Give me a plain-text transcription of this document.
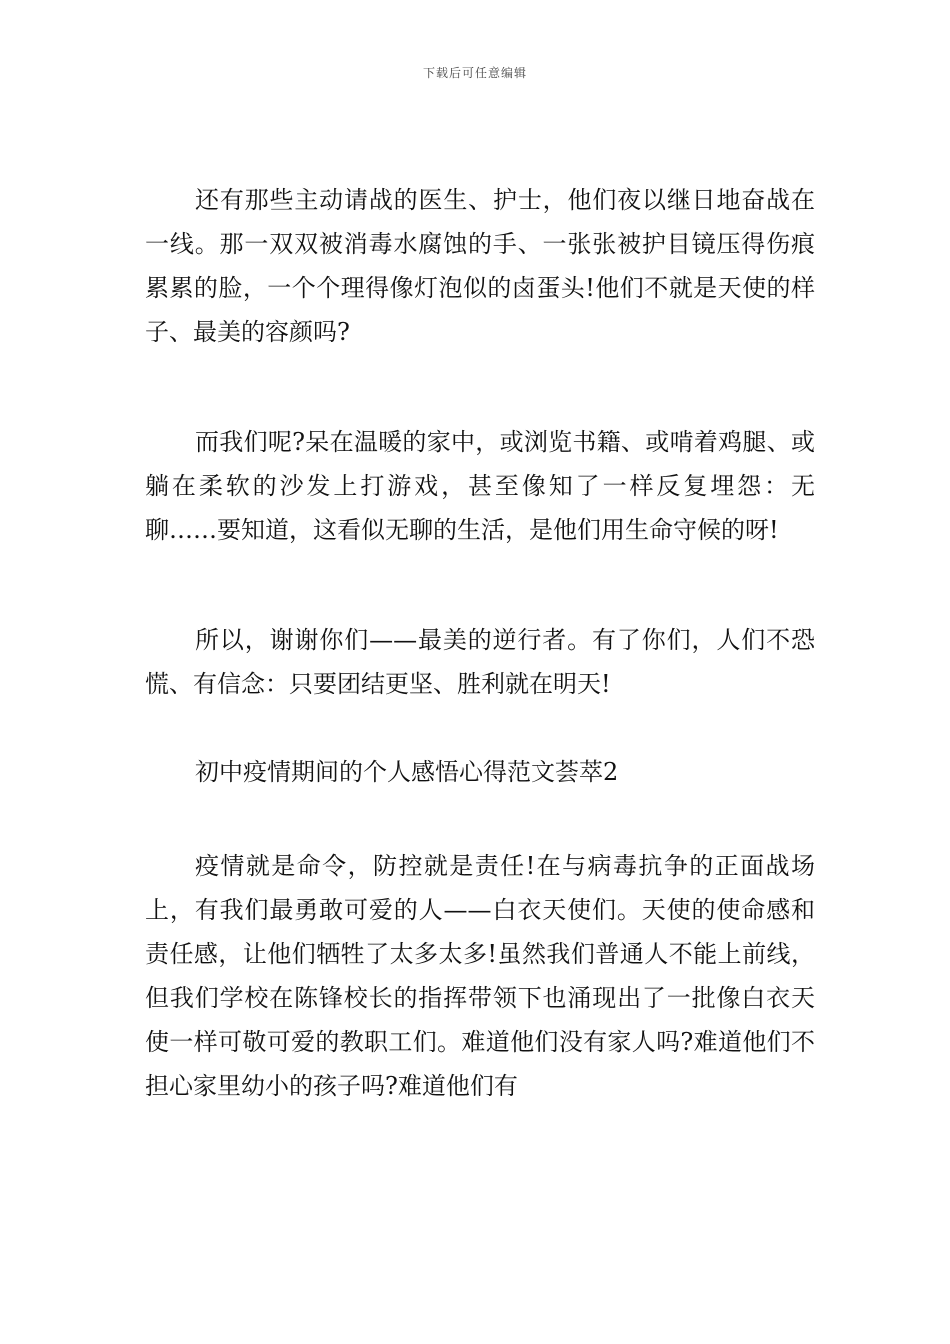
下载后可任意编辑

还有那些主动请战的医生、护士，他们夜以继日地奋战在一线。那一双双被消毒水腐蚀的手、一张张被护目镜压得伤痕累累的脸，一个个理得像灯泡似的卤蛋头!他们不就是天使的样子、最美的容颜吗?

而我们呢?呆在温暖的家中，或浏览书籍、或啃着鸡腿、或躺在柔软的沙发上打游戏，甚至像知了一样反复埋怨：无聊……要知道，这看似无聊的生活，是他们用生命守候的呀!

所以，谢谢你们——最美的逆行者。有了你们，人们不恐慌、有信念：只要团结更坚、胜利就在明天!

初中疫情期间的个人感悟心得范文荟萃2

疫情就是命令，防控就是责任!在与病毒抗争的正面战场上，有我们最勇敢可爱的人——白衣天使们。天使的使命感和责任感，让他们牺牲了太多太多!虽然我们普通人不能上前线，但我们学校在陈锋校长的指挥带领下也涌现出了一批像白衣天使一样可敬可爱的教职工们。难道他们没有家人吗?难道他们不担心家里幼小的孩子吗?难道他们有
